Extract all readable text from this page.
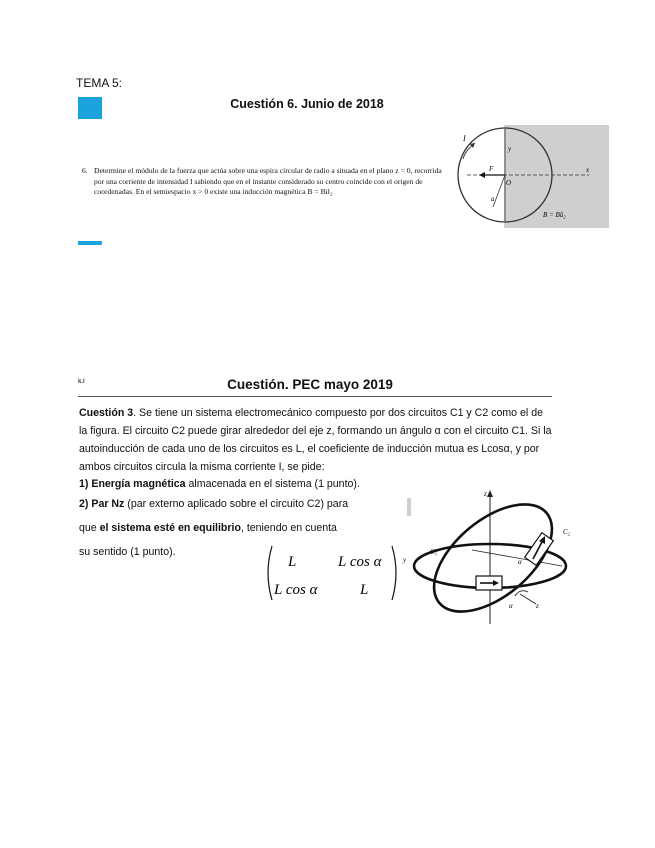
TEMA 5:
Cuestión 6. Junio de 2018
6. Determine el módulo de la fuerza que actúa sobre una espira circular de radio a situada en el plano z = 0, recorrida por una corriente de intensidad I sabiendo que en el instante considerado su centro coincide con el origen de coordenadas. En el semiespacio x > 0 existe una inducción magnética B = Bil₂
I
y
F
O
a
x
B = Bū₂
k.l	Cuestión. PEC mayo 2019
Cuestión 3. Se tiene un sistema electromecánico compuesto por dos circuitos C1 y C2 como el de la figura. El circuito C2 puede girar alrededor del eje z, formando un ángulo α con el circuito C1. Si la autoinducción de cada uno de los circuitos es L, el coeficiente de inducción mutua es Lcosα, y por ambos circuitos circula la misma corriente I, se pide:
1) Energía magnética almacenada en el sistema (1 punto).
2) Par Nz (par externo aplicado sobre el circuito C2) para
que el sistema esté en equilibrio, teniendo en cuenta
su sentido (1 punto).
L	L cos α
L cos α	L
z
y
C₁
C₂
α
α	z
